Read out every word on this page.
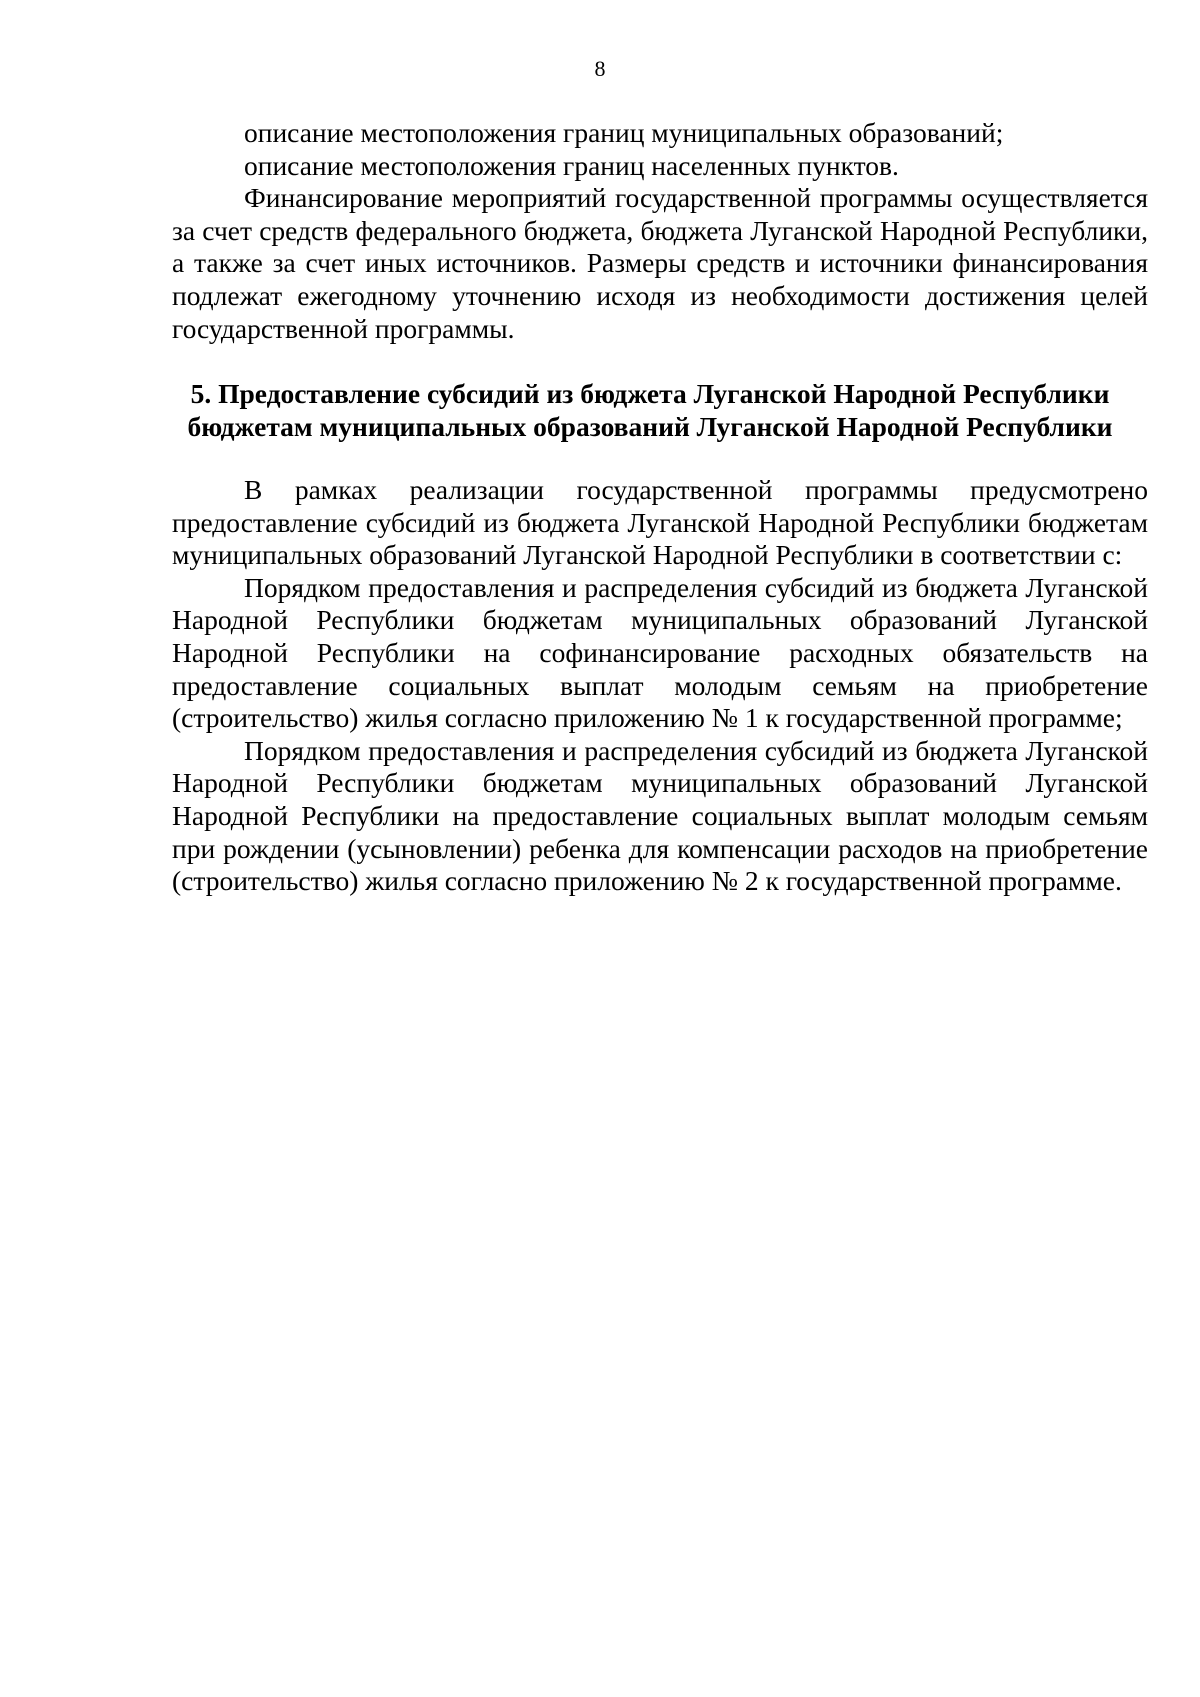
8

описание местоположения границ муниципальных образований;

описание местоположения границ населенных пунктов.

Финансирование мероприятий государственной программы осуществляется за счет средств федерального бюджета, бюджета Луганской Народной Республики, а также за счет иных источников. Размеры средств и источники финансирования подлежат ежегодному уточнению исходя из необходимости достижения целей государственной программы.

5. Предоставление субсидий из бюджета Луганской Народной Республики
бюджетам муниципальных образований Луганской Народной Республики

В рамках реализации государственной программы предусмотрено предоставление субсидий из бюджета Луганской Народной Республики бюджетам муниципальных образований Луганской Народной Республики в соответствии с:

Порядком предоставления и распределения субсидий из бюджета Луганской Народной Республики бюджетам муниципальных образований Луганской Народной Республики на софинансирование расходных обязательств на предоставление социальных выплат молодым семьям на приобретение (строительство) жилья согласно приложению № 1 к государственной программе;

Порядком предоставления и распределения субсидий из бюджета Луганской Народной Республики бюджетам муниципальных образований Луганской Народной Республики на предоставление социальных выплат молодым семьям при рождении (усыновлении) ребенка для компенсации расходов на приобретение (строительство) жилья согласно приложению № 2 к государственной программе.
